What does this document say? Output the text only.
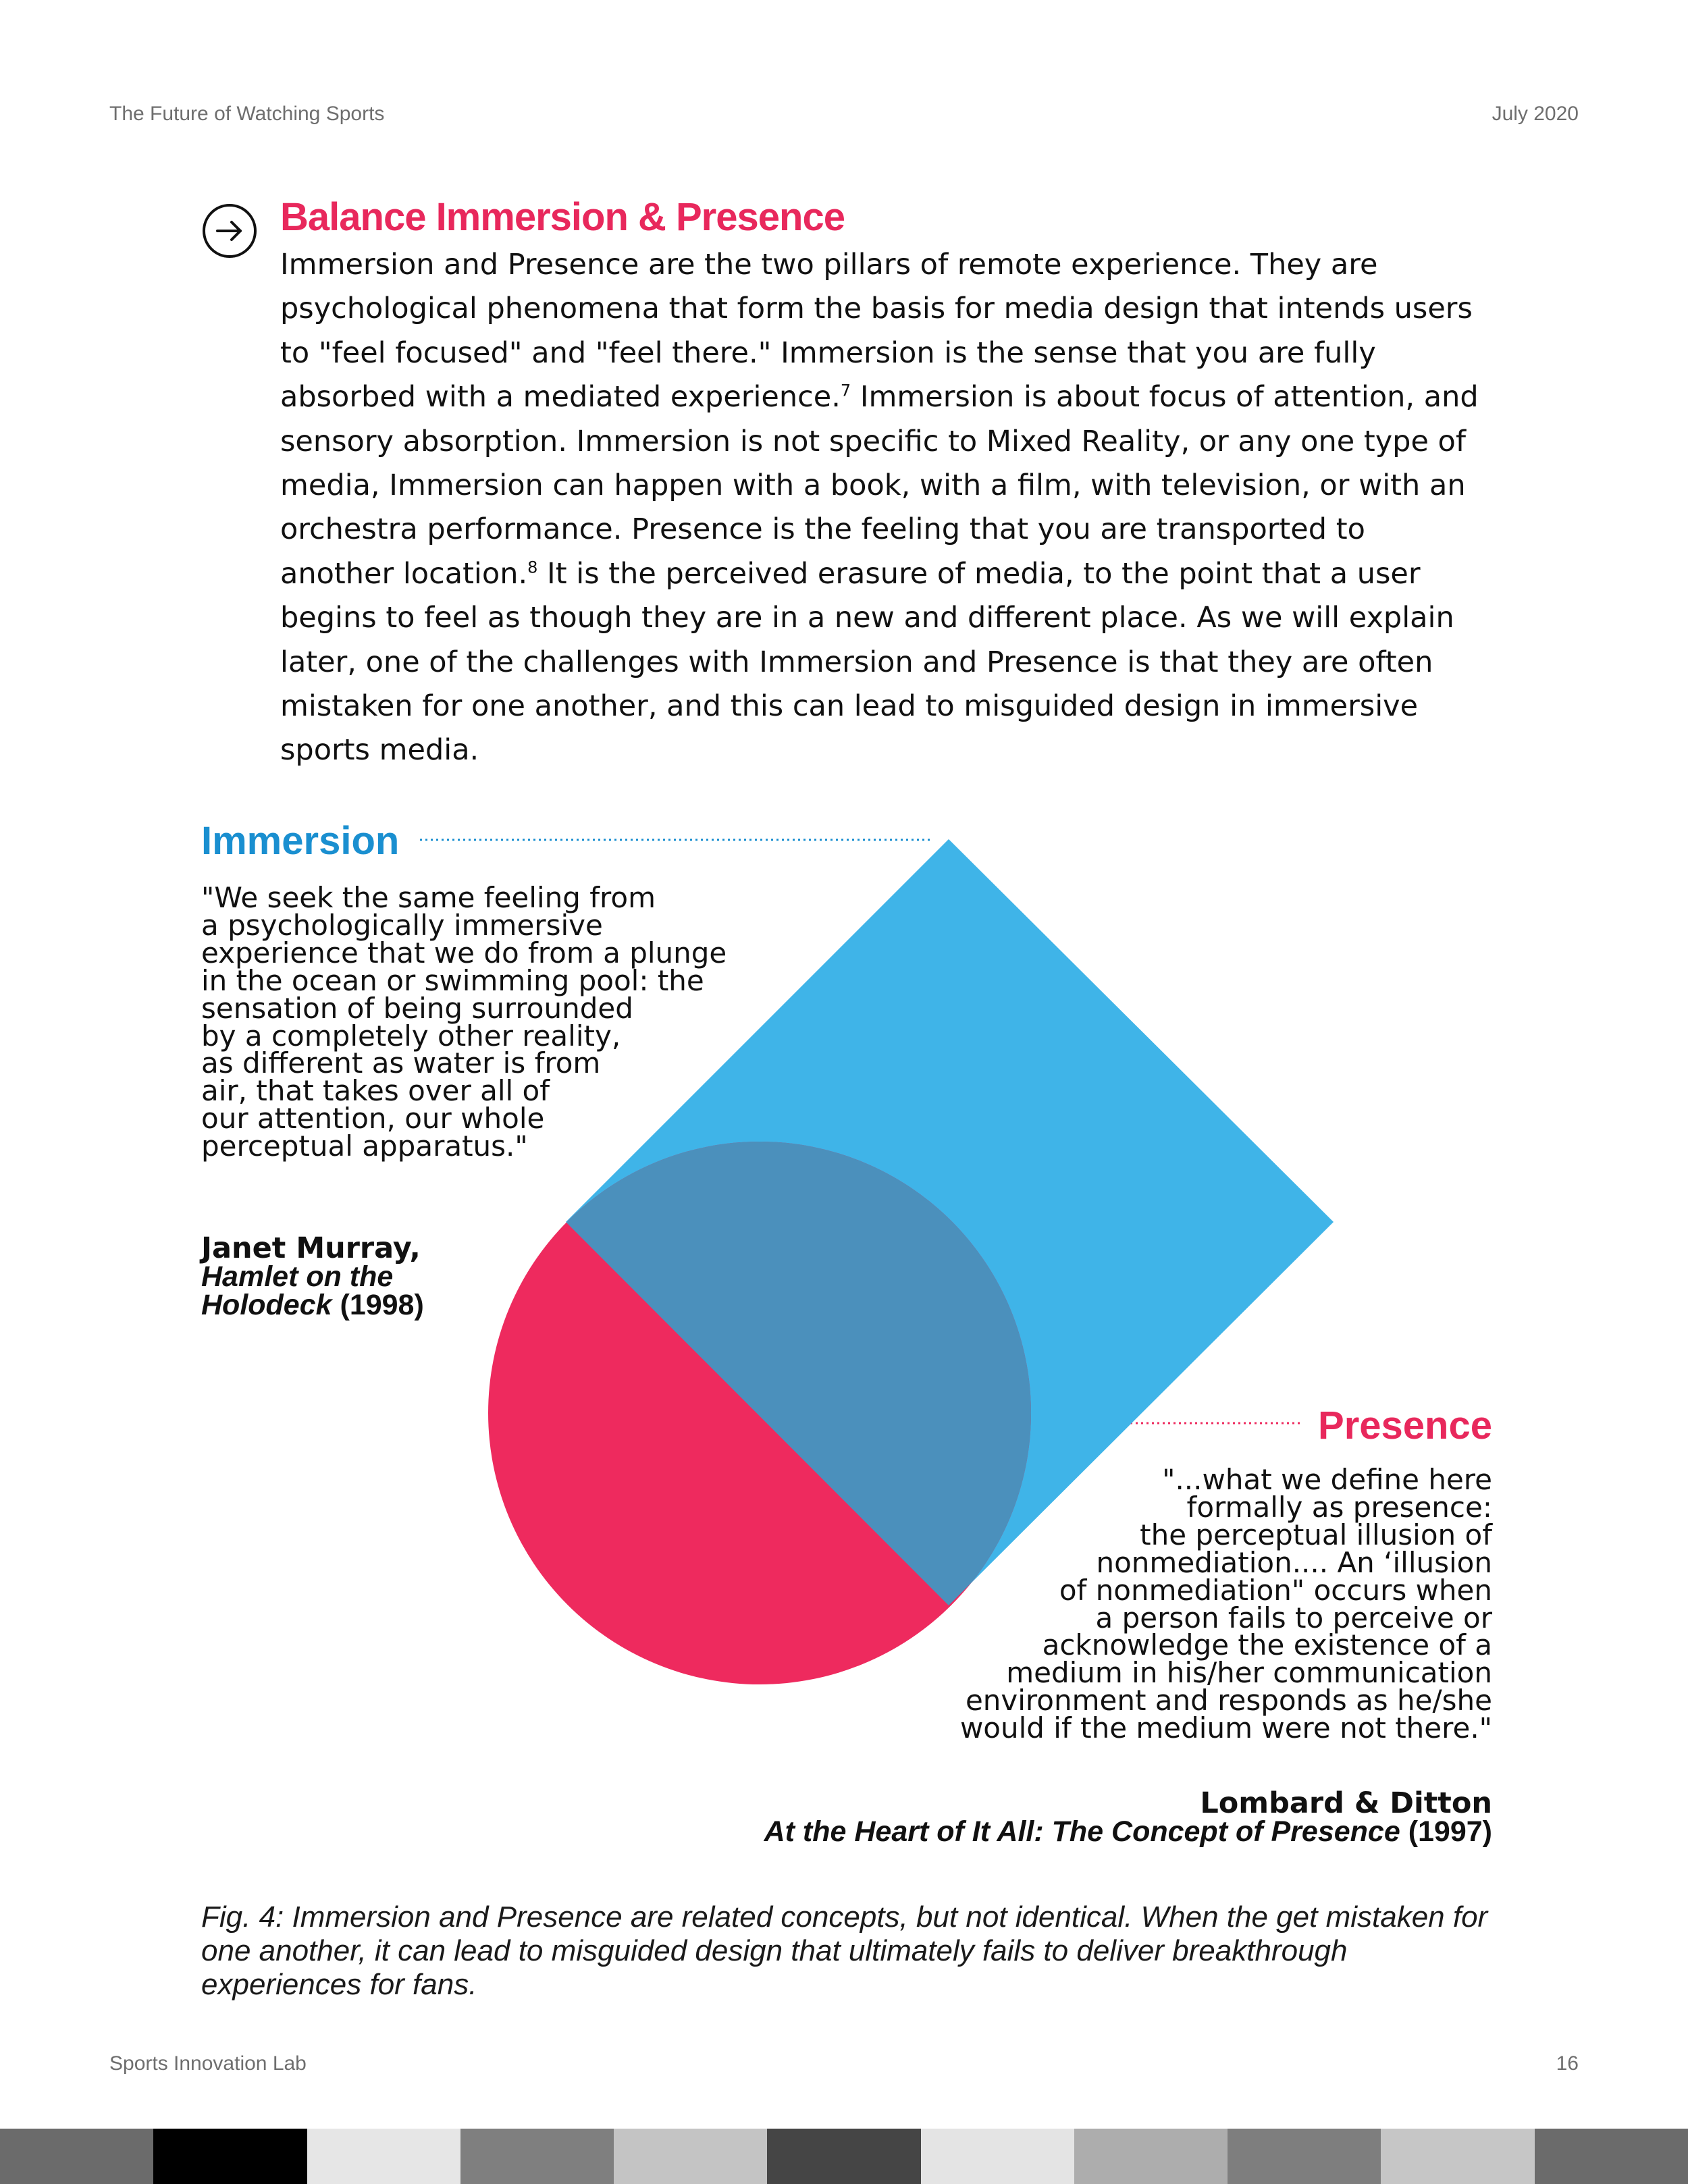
The Future of Watching Sports	July 2020
Balance Immersion & Presence
Immersion and Presence are the two pillars of remote experience. They are psychological phenomena that form the basis for media design that intends users to "feel focused" and "feel there." Immersion is the sense that you are fully absorbed with a mediated experience.$^7$ Immersion is about focus of attention, and sensory absorption. Immersion is not specific to Mixed Reality, or any one type of media, Immersion can happen with a book, with a film, with television, or with an orchestra performance. Presence is the feeling that you are transported to another location.$^8$ It is the perceived erasure of media, to the point that a user begins to feel as though they are in a new and different place. As we will explain later, one of the challenges with Immersion and Presence is that they are often mistaken for one another, and this can lead to misguided design in immersive sports media.
Immersion
Presence
"We seek the same feeling from
a psychologically immersive
experience that we do from a plunge
in the ocean or swimming pool: the
sensation of being surrounded
by a completely other reality,
as different as water is from
air, that takes over all of
our attention, our whole
perceptual apparatus."
Janet Murray,
Hamlet on the
Holodeck (1998)
"...what we define here
formally as presence:
the perceptual illusion of
nonmediation.... An ‘illusion
of nonmediation" occurs when
a person fails to perceive or
acknowledge the existence of a
medium in his/her communication
environment and responds as he/she
would if the medium were not there."
Lombard & Ditton
At the Heart of It All: The Concept of Presence (1997)
Fig. 4: Immersion and Presence are related concepts, but not identical. When the get mistaken for one another, it can lead to misguided design that ultimately fails to deliver breakthrough experiences for fans.
Sports Innovation Lab	16
